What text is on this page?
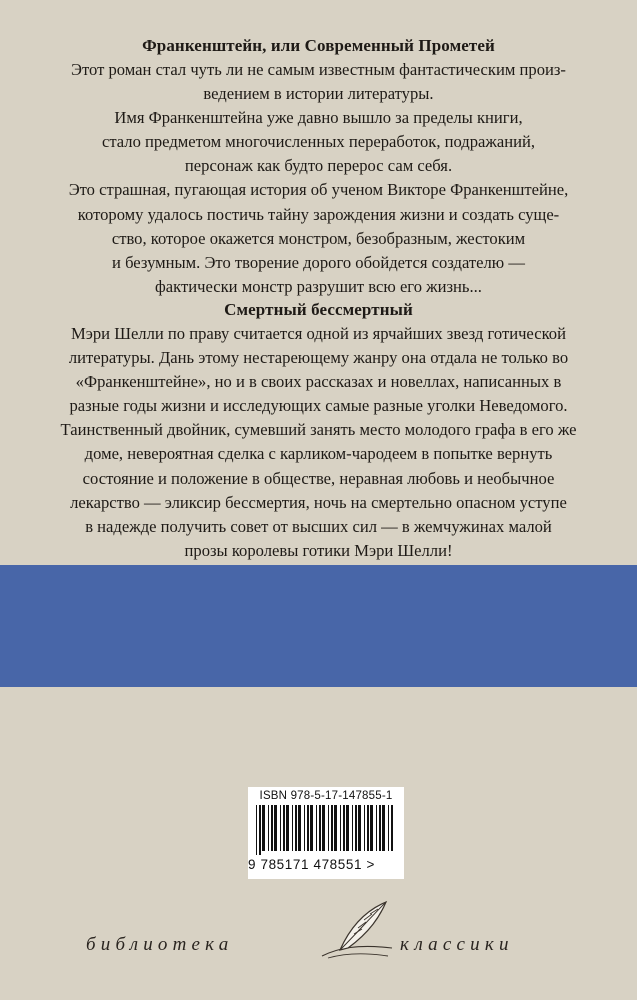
Франкенштейн, или Современный Прометей

Этот роман стал чуть ли не самым известным фантастическим произ-

ведением в истории литературы.

Имя Франкенштейна уже давно вышло за пределы книги,

стало предметом многочисленных переработок, подражаний,

персонаж как будто перерос сам себя.

Это страшная, пугающая история об ученом Викторе Франкенштейне,

которому удалось постичь тайну зарождения жизни и создать суще-

ство, которое окажется монстром, безобразным, жестоким

и безумным. Это творение дорого обойдется создателю —

фактически монстр разрушит всю его жизнь...

Смертный бессмертный

Мэри Шелли по праву считается одной из ярчайших звезд готической

литературы. Дань этому нестареющему жанру она отдала не только во

«Франкенштейне», но и в своих рассказах и новеллах, написанных в

разные годы жизни и исследующих самые разные уголки Неведомого.

Таинственный двойник, сумевший занять место молодого графа в его же

доме, невероятная сделка с карликом-чародеем в попытке вернуть

состояние и положение в обществе, неравная любовь и необычное

лекарство — эликсир бессмертия, ночь на смертельно опасном уступе

в надежде получить совет от высших сил — в жемчужинах малой

прозы королевы готики Мэри Шелли!

ISBN 978-5-17-147855-1
9 785171 478551 >
библиотека	классики
